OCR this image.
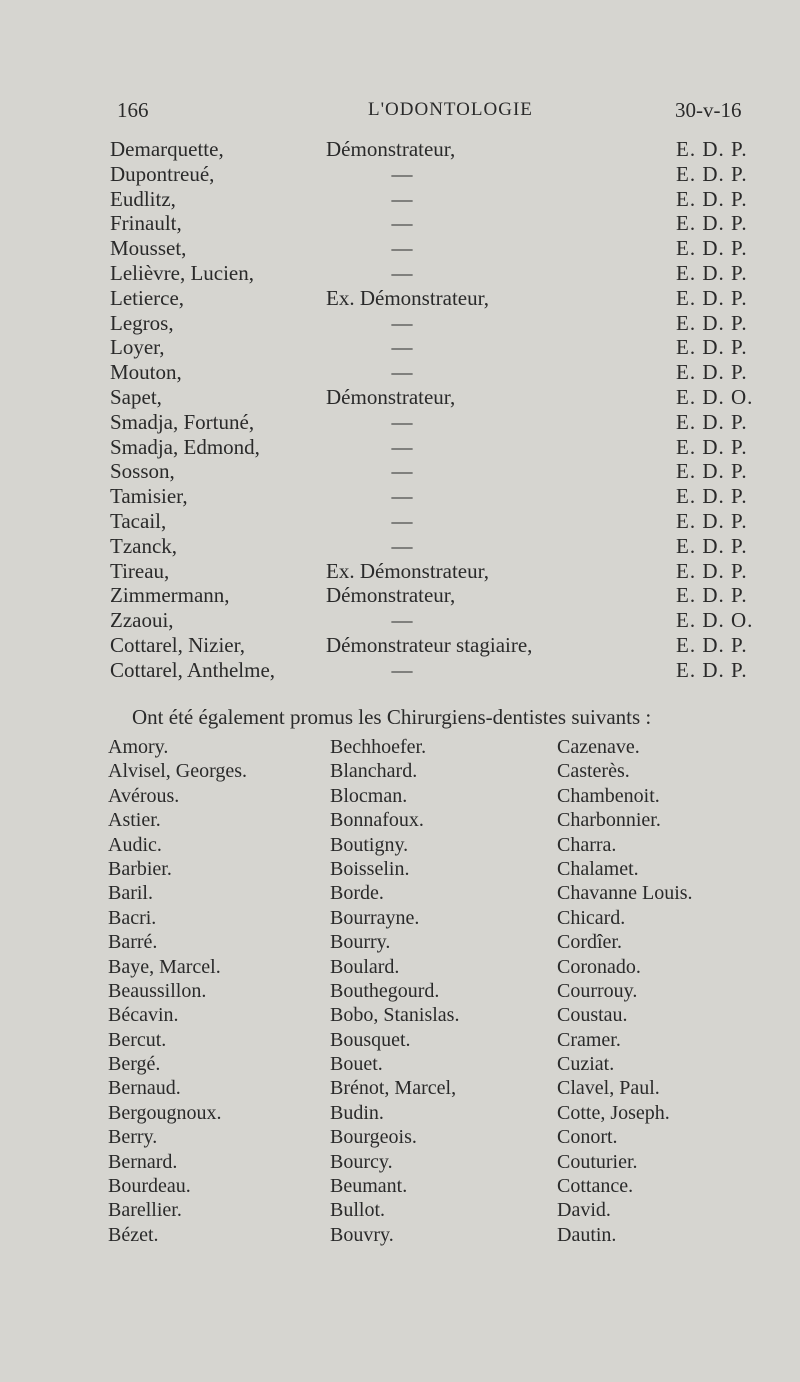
166	L'ODONTOLOGIE	30-v-16
Demarquette,	Démonstrateur,	E. D. P.
Dupontreué, —	E. D. P.
Eudlitz, —	E. D. P.
Frinault, —	E. D. P.
Mousset, —	E. D. P.
Lelièvre, Lucien, —	E. D. P.
Letierce,	Ex. Démonstrateur,	E. D. P.
Legros, —	E. D. P.
Loyer, —	E. D. P.
Mouton, —	E. D. P.
Sapet,	Démonstrateur,	E. D. O.
Smadja, Fortuné, —	E. D. P.
Smadja, Edmond, —	E. D. P.
Sosson, —	E. D. P.
Tamisier, —	E. D. P.
Tacail, —	E. D. P.
Tzanck, —	E. D. P.
Tireau,	Ex. Démonstrateur,	E. D. P.
Zimmermann,	Démonstrateur,	E. D. P.
Zzaoui, —	E. D. O.
Cottarel, Nizier,	Démonstrateur stagiaire,	E. D. P.
Cottarel, Anthelme, —	E. D. P.
Ont été également promus les Chirurgiens-dentistes suivants :
Amory.
Alvisel, Georges.
Avérous.
Astier.
Audic.
Barbier.
Baril.
Bacri.
Barré.
Baye, Marcel.
Beaussillon.
Bécavin.
Bercut.
Bergé.
Bernaud.
Bergougnoux.
Berry.
Bernard.
Bourdeau.
Barellier.
Bézet.
Bechhoefer.
Blanchard.
Blocman.
Bonnafoux.
Boutigny.
Boisselin.
Borde.
Bourrayne.
Bourry.
Boulard.
Bouthegourd.
Bobo, Stanislas.
Bousquet.
Bouet.
Brénot, Marcel,
Budin.
Bourgeois.
Bourcy.
Beumant.
Bullot.
Bouvry.
Cazenave.
Casterès.
Chambenoit.
Charbonnier.
Charra.
Chalamet.
Chavanne Louis.
Chicard.
Cordîer.
Coronado.
Courrouy.
Coustau.
Cramer.
Cuziat.
Clavel, Paul.
Cotte, Joseph.
Conort.
Couturier.
Cottance.
David.
Dautin.
